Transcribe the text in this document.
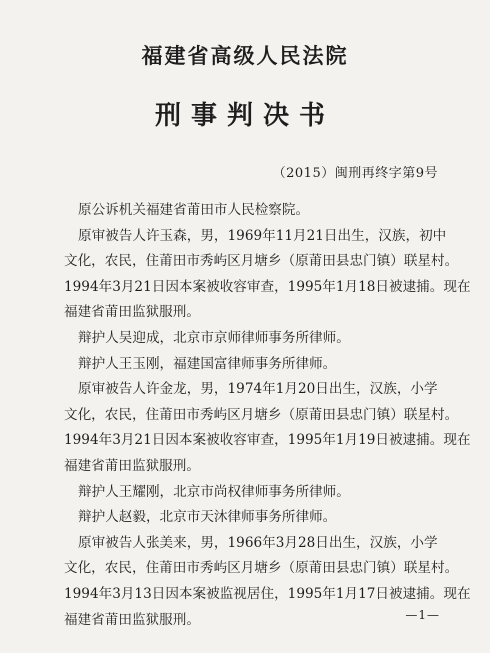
福建省高级人民法院
刑事判决书
（2015）闽刑再终字第9号
原公诉机关福建省莆田市人民检察院。
原审被告人许玉森，男，1969年11月21日出生，汉族，初中
文化，农民，住莆田市秀屿区月塘乡（原莆田县忠门镇）联星村。
1994年3月21日因本案被收容审查，1995年1月18日被逮捕。现在
福建省莆田监狱服刑。
辩护人吴迎成，北京市京师律师事务所律师。
辩护人王玉刚，福建国富律师事务所律师。
原审被告人许金龙，男，1974年1月20日出生，汉族，小学
文化，农民，住莆田市秀屿区月塘乡（原莆田县忠门镇）联星村。
1994年3月21日因本案被收容审查，1995年1月19日被逮捕。现在
福建省莆田监狱服刑。
辩护人王耀刚，北京市尚权律师事务所律师。
辩护人赵毅，北京市天沐律师事务所律师。
原审被告人张美来，男，1966年3月28日出生，汉族，小学
文化，农民，住莆田市秀屿区月塘乡（原莆田县忠门镇）联星村。
1994年3月13日因本案被监视居住，1995年1月17日被逮捕。现在
福建省莆田监狱服刑。	—1—
